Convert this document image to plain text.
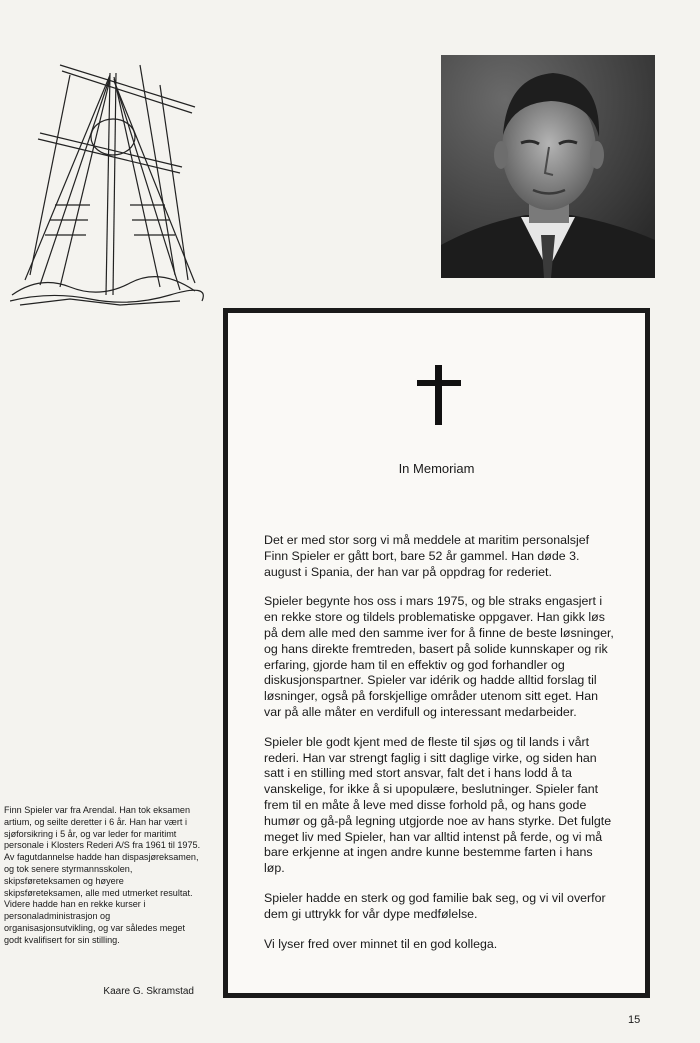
In Memoriam

Det er med stor sorg vi må meddele at maritim personalsjef Finn Spieler er gått bort, bare 52 år gammel. Han døde 3. august i Spania, der han var på oppdrag for rederiet.

Spieler begynte hos oss i mars 1975, og ble straks engasjert i en rekke store og tildels problematiske oppgaver. Han gikk løs på dem alle med den samme iver for å finne de beste løsninger, og hans direkte fremtreden, basert på solide kunnskaper og rik erfaring, gjorde ham til en effektiv og god forhandler og diskusjonspartner. Spieler var idérik og hadde alltid forslag til løsninger, også på forskjellige områder utenom sitt eget. Han var på alle måter en verdifull og interessant medarbeider.

Spieler ble godt kjent med de fleste til sjøs og til lands i vårt rederi. Han var strengt faglig i sitt daglige virke, og siden han satt i en stilling med stort ansvar, falt det i hans lodd å ta vanskelige, for ikke å si upopulære, beslutninger. Spieler fant frem til en måte å leve med disse forhold på, og hans gode humør og gå-på legning utgjorde noe av hans styrke. Det fulgte meget liv med Spieler, han var alltid intenst på ferde, og vi må bare erkjenne at ingen andre kunne bestemme farten i hans løp.

Spieler hadde en sterk og god familie bak seg, og vi vil overfor dem gi uttrykk for vår dype medfølelse.

Vi lyser fred over minnet til en god kollega.

Finn Spieler var fra Arendal. Han tok eksamen artium, og seilte deretter i 6 år. Han har vært i sjøforsikring i 5 år, og var leder for maritimt personale i Klosters Rederi A/S fra 1961 til 1975. Av fagutdannelse hadde han dispasjøreksamen, og tok senere styrmannsskolen, skipsføreteksamen og høyere skipsføreteksamen, alle med utmerket resultat. Videre hadde han en rekke kurser i personaladministrasjon og organisasjonsutvikling, og var således meget godt kvalifisert for sin stilling.
Kaare G. Skramstad
15
